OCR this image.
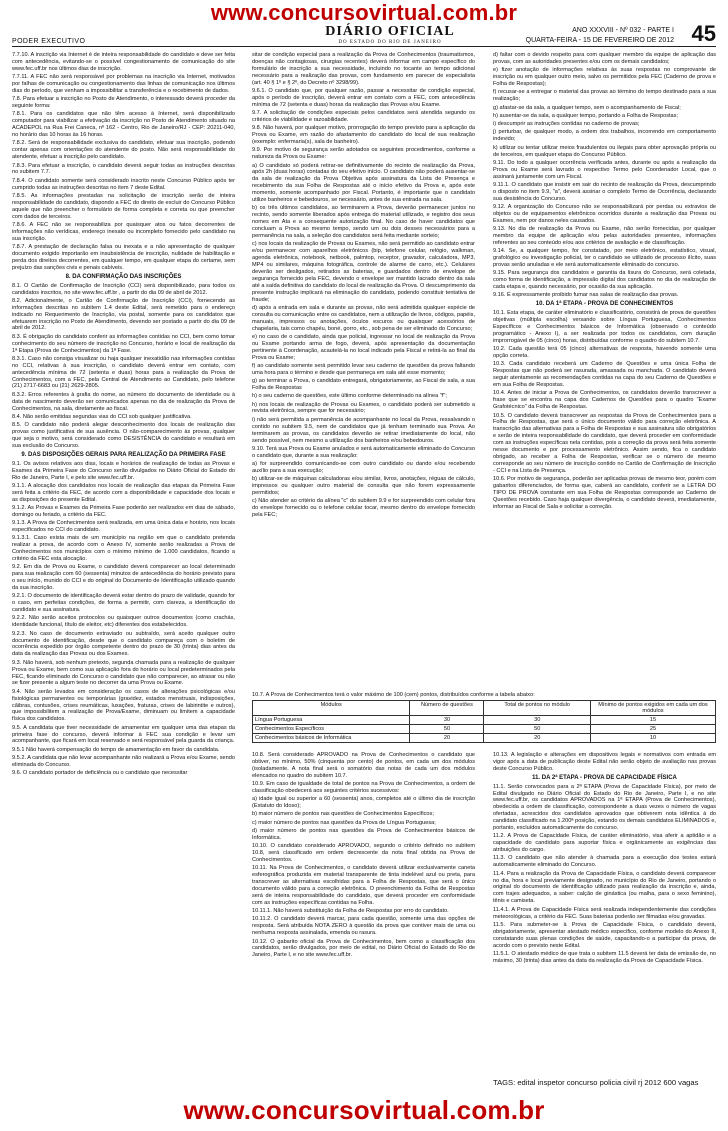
www.concursovirtual.com.br
PODER EXECUTIVO
DIÁRIO OFICIAL
DO ESTADO DO RIO DE JANEIRO
ANO XXXVIII - Nº 032 - PARTE I
QUARTA-FEIRA - 15 DE FEVEREIRO DE 2012 45

7.7.10. A inscrição via Internet é de inteira responsabilidade do candidato e deve ser feita com antecedência, evitando-se o possível congestionamento de comunicação do site www.fec.uff.br nos últimos dias de inscrição.

7.7.11. A FEC não será responsável por problemas na inscrição via Internet, motivados por falhas de comunicação ou congestionamento das linhas de comunicação nos últimos dias do período, que venham a impossibilitar a transferência e o recebimento de dados.

7.8. Para efetuar a inscrição no Posto de Atendimento, o interessado deverá proceder da seguinte forma:

7.8.1. Para os candidatos que não têm acesso à Internet, será disponibilizado computador para viabilizar a efetivação da inscrição no Posto de Atendimento situado na ACADEPOL na Rua Frei Caneca, nº 162 - Centro, Rio de Janeiro/RJ - CEP: 20211-040, no horário das 10 horas às 16 horas.

7.8.2. Será de responsabilidade exclusiva do candidato, efetuar sua inscrição, podendo contar apenas com orientações do atendente do posto. Não será responsabilidade do atendente, efetuar a inscrição pelo candidato.

7.8.3. Para efetuar a inscrição, o candidato deverá seguir todas as instruções descritas no subitem 7.7.

7.8.4. O candidato somente será considerado inscrito neste Concurso Público após ter cumprido todas as instruções descritas no item 7 deste Edital.

7.8.5. As informações prestadas na solicitação de inscrição serão de inteira responsabilidade do candidato, dispondo a FEC do direito de excluir do Concurso Público aquele que não preencher o formulário de forma completa e correta ou que preencher com dados de terceiros.

7.8.6. A FEC não se responsabiliza por quaisquer atos ou fatos decorrentes de informações não verídicas, endereço inexato ou incompleto fornecido pelo candidato na sua inscrição.

7.8.7. A prestação de declaração falsa ou inexata e a não apresentação de qualquer documento exigido importarão em insubsistência de inscrição, nulidade de habilitação e perda dos direitos decorrentes, em qualquer tempo, em qualquer etapa do certame, sem prejuízo das sanções civis e penais cabíveis.

8. DA CONFIRMAÇÃO DAS INSCRIÇÕES

8.1. O Cartão de Confirmação de Inscrição (CCI) será disponibilizado, para todos os candidatos inscritos, no site www.fec.uff.br , a partir do dia 09 de abril de 2012.

8.2. Adicionalmente, o Cartão de Confirmação de Inscrição (CCI), fornecendo as informações descritas no subitem 1.4 deste Edital, será remetido para o endereço indicado no Requerimento de Inscrição, via postal, somente para os candidatos que efetuarem inscrição no Posto de Atendimento, devendo ser postado a partir do dia 09 de abril de 2012.

8.3. É obrigação do candidato conferir as informações contidas no CCI, bem como tomar conhecimento do seu número de inscrição no Concurso, horário e local de realização da 1ª Etapa (Prova de Conhecimentos) da 1ª Fase.

8.3.1. Caso não consiga visualizar ou haja qualquer inexatidão nas informações contidas no CCI, relativas à sua inscrição, o candidato deverá entrar em contato, com antecedência mínima de 72 (setenta e duas) horas para a realização da Prova de Conhecimentos, com a FEC, pela Central de Atendimento ao Candidato, pelo telefone (21) 2717-6683 ou (21) 2629-2805.

8.3.2. Erros referentes à grafia do nome, ao número do documento de identidade ou à data de nascimento deverão ser comunicados apenas no dia de realização da Prova de Conhecimentos, na sala, diretamente ao fiscal.

8.4. Não serão emitidas segundas vias do CCI sob qualquer justificativa.

8.5. O candidato não poderá alegar desconhecimento dos locais de realização das provas como justificativa de sua ausência. O não-comparecimento às provas, qualquer que seja o motivo, será considerado como DESISTÊNCIA do candidato e resultará em sua exclusão do Concurso.

9. DAS DISPOSIÇÕES GERAIS PARA REALIZAÇÃO DA PRIMEIRA FASE

9.1. Os avisos relativos aos dias, locais e horários de realização de todas as Provas e Exames da Primeira Fase do Concurso serão divulgados no Diário Oficial do Estado do Rio de Janeiro, Parte I, e pelo site www.fec.uff.br.

9.1.1. A alocação dos candidatos nos locais de realização das etapas da Primeira Fase será feita a critério da FEC, de acordo com a disponibilidade e capacidade dos locais e as disposições do presente Edital.

9.1.2. As Provas e Exames da Primeira Fase poderão ser realizados em dias de sábado, domingo ou feriado, a critério da FEC.

9.1.3. A Prova de Conhecimentos será realizada, em uma única data e horário, nos locais especificados no CCI do candidato.

9.1.3.1. Caso exista mais de um município na região em que o candidato pretenda realizar a prova, de acordo com o Anexo IV, somente serão realizadas a Prova de Conhecimentos nos municípios com o mínimo mínimo de 1.000 candidatos, ficando a critério da FEC esta alocação.

9.2. Em dia de Prova ou Exame, o candidato deverá comparecer ao local determinado para sua realização com 60 (sessenta) minutos de antecedência do horário previsto para o seu início, munido do CCI e do original do Documento de Identificação utilizado quando da sua inscrição.

9.2.1. O documento de identificação deverá estar dentro do prazo de validade, quando for o caso, em perfeitas condições, de forma a permitir, com clareza, a identificação do candidato e sua assinatura.

9.2.2. Não serão aceitos protocolos ou quaisquer outros documentos (como crachás, identidade funcional, título de eleitor, etc) diferentes dos estabelecidos.

9.2.3. No caso de documento extraviado ou subtraído, será aceito qualquer outro documento de identificação, desde que o candidato compareça com o boletim de ocorrência expedido por órgão competente dentro do prazo de 30 (trinta) dias antes da data da realização das Provas ou dos Exames.

9.3. Não haverá, sob nenhum pretexto, segunda chamada para a realização de qualquer Prova ou Exame, bem como sua aplicação fora do horário ou local predeterminados pela FEC, ficando eliminado do Concurso o candidato que não comparecer, ao atrasar ou não se fizer presente a algum teste no decorrer da uma Prova ou Exame.

9.4. Não serão levados em consideração os casos de alterações psicológicas e/ou fisiológicas permanentes ou temporárias (gravidez, estados menstruais, indisposições, cãibras, contusões, crises reumáticas, luxações, fraturas, crises de labirintite e outros), que impossibilitem a realização de Prova/Exame, diminuam ou limitem a capacidade física dos candidatos.

9.5. A candidata que tiver necessidade de amamentar em qualquer uma das etapas da primeira fase do concurso, deverá informar à FEC sua condição e levar um acompanhante, que ficará em local reservado e será responsável pela guarda da criança.

9.5.1 Não haverá compensação do tempo de amamentação em favor da candidata.

9.5.2. A candidata que não levar acompanhante não realizará a Prova e/ou Exame, sendo eliminada do Concurso.

9.6. O candidato portador de deficiência ou o candidato que necessitar

sitar de condição especial para a realização da Prova de Conhecimentos (traumatismos, doenças não contagiosas, cirurgias recentes) deverá informar em campo específico do formulário de inscrição a sua necessidade, incluindo no tocante ao tempo adicional necessário para a realização das provas, com fundamento em parecer de especialista (art. 40 § 1º e § 2º, do Decreto nº 3298/99).

9.6.1. O candidato que, por qualquer razão, passar a necessitar de condição especial, após o período de inscrição, deverá entrar em contato com a FEC, com antecedência mínima de 72 (setenta e duas) horas da realização das Provas e/ou Exame.

9.7. A solicitação de condições especiais pelos candidatos será atendida segundo os critérios de viabilidade e razoabilidade.

9.8. Não haverá, por qualquer motivo, prorrogação do tempo previsto para a aplicação da Prova ou Exame, em razão do afastamento do candidato do local de sua realização (exemplo: enfermaria(s), sala de banheiro).

9.9. Por motivo de segurança serão adotados os seguintes procedimentos, conforme a natureza da Prova ou Exame:

a) O candidato só poderá retirar-se definitivamente do recinto de realização da Prova, após 2h (duas horas) contadas do seu efetivo início. O candidato não poderá ausentar-se da sala de realização da Prova Objetiva após assinatura da Lista de Presença e recebimento da sua Folha de Respostas até o início efetivo da Prova e, após este momento, somente acompanhado por Fiscal. Portanto, é importante que o candidato utilize banheiros e bebedouros, se necessário, antes de sua entrada na sala.

b) os três últimos candidatos, ao terminarem a Prova, deverão permanecer juntos no recinto, sendo somente liberados após entrega do material utilizado, e registro dos seus nomes em Ata e a consequente autorização final. No caso de haver candidatos que concluam a Prova ao mesmo tempo, sendo um ou dois desses necessários para a permanência na sala, a seleção dos candidatos será feita mediante sorteio;

c) nos locais da realização de Provas ou Exames, não será permitido ao candidato entrar e/ou permanecer com aparelhos eletrônicos (bip, telefone celular, relógio, walkman, agenda eletrônica, notebook, netbook, palmtop, receptor, gravador, calculadora, MP3, MP4 ou similares, máquina fotográfica, controle de alarme de carro, etc.). Celulares deverão ser desligados, retirados as baterias, e guardados dentro de envelope de segurança fornecido pela FEC, devendo o envelope ser mantido lacrado dentro da sala até a saída definitiva do candidato do local de realização da Prova. O descumprimento da presente instrução implicará na eliminação do candidato, podendo constituir tentativa de fraude;

d) após a entrada em sala e durante as provas, não será admitida qualquer espécie de consulta ou comunicação entre os candidatos, nem a utilização de livros, códigos, papéis, manuais, impressos ou anotações, óculos escuros ou quaisquer acessórios de chapelaria, tais como chapéu, boné, gorro, etc., sob pena de ser eliminado do Concurso;

e) no caso de o candidato, ainda que policial, ingressar no local de realização da Prova ou Exame portando arma de fogo, deverá, após apresentação da documentação pertinente à Coordenação, acautelá-la no local indicado pela Fiscal e retirá-la ao final da Prova ou Exame;

f) ao candidato somente será permitido levar seu caderno de questões da prova faltando uma hora para o término e desde que permaneça em sala até esse momento;

g) ao terminar a Prova, o candidato entregará, obrigatoriamente, ao Fiscal de sala, a sua Folha de Respostas

h) o seu caderno de questões, este último conforme determinado na alínea "f";

h) nos locais de realização de Provas ou Exames, o candidato poderá ser submetido a revista eletrônica, sempre que for necessário;

i) não será permitida a permanência de acompanhante no local da Prova, ressalvando o contido no subitem 9.5, nem de candidatos que já tenham terminado sua Prova. Ao terminarem as provas, os candidatos deverão se retirar imediatamente do local, não sendo possível, nem mesmo a utilização dos banheiros e/ou bebedouros.

9.10. Terá sua Prova ou Exame anulados e será automaticamente eliminado do Concurso o candidato que, durante a sua realização:

a) for surpreendido comunicando-se com outro candidato ou dando e/ou recebendo auxílio para a sua execução;

b) utilizar-se de máquinas calculadoras e/ou similar, livros, anotações, réguas de cálculo, impressos ou qualquer outro material de consulta que não forem expressamente permitidos;

c) Não atender ao critério da alínea "c" do subitem 9.9 e for surpreendido com celular fora do envelope fornecido ou o telefone celular tocar, mesmo dentro do envelope fornecido pela FEC;

d) faltar com o devido respeito para com qualquer membro da equipe de aplicação das provas, com as autoridades presentes e/ou com os demais candidatos;

e) fizer anotação de informações relativas às suas respostas no comprovante de inscrição ou em qualquer outro meio, salvo os permitidos pela FEC (Caderno de prova e Folha de Respostas);

f) recusar-se a entregar o material das provas ao término do tempo destinado para a sua realização;

g) afastar-se da sala, a qualquer tempo, sem o acompanhamento de Fiscal;

h) ausentar-se da sala, a qualquer tempo, portando a Folha de Respostas;

i) descumprir as instruções contidas no caderno de provas;

j) perturbar, de qualquer modo, a ordem dos trabalhos, incorrendo em comportamento indevido;

k) utilizar ou tentar utilizar meios fraudulentos ou ilegais para obter aprovação própria ou de terceiros, em qualquer etapa do Concurso Público.

9.11. Do todo a qualquer ocorrência verificada antes, durante ou após a realização da Prova ou Exame será lavrado o respectivo Termo pelo Coordenador Local, que o assinará juntamente com um Fiscal.

9.11.1. O candidato que insistir em sair do recinto de realização da Prova, descumprindo o disposto no item 9.9, "a", deverá assinar o completo Termo de Ocorrência, declarando sua desistência do Concurso.

9.12. A organização do Concurso não se responsabilizará por perdas ou extravios de objetos ou de equipamentos eletrônicos ocorridos durante a realização das Provas ou Exames, nem por danos neles causados.

9.13. No dia de realização da Prova ou Exame, não serão fornecidas, por qualquer membro da equipe de aplicação e/ou pelas autoridades presentes, informações referentes ao seu conteúdo e/ou aos critérios de avaliação e de classificação.

9.14. Se, a qualquer tempo, for constatado, por meio eletrônico, estatístico, visual, grafológico ou investigação policial, ter o candidato se utilizado de processo ilícito, suas provas serão anuladas e ele será automaticamente eliminado do concurso.

9.15. Para segurança dos candidatos e garantia da lisura do Concurso, será coletada, como forma de identificação, a impressão digital dos candidatos no dia de realização de cada etapa e, quando necessário, por ocasião da sua aplicação.

9.16. É expressamente proibido fumar nas salas de realização das provas.

10. DA 1ª ETAPA - PROVA DE CONHECIMENTOS

10.1. Esta etapa, de caráter eliminatório e classificatório, consistirá de prova de questões objetivas (múltipla escolha) versando sobre Língua Portuguesa, Conhecimentos Específicos e Conhecimentos básicos de Informática (observado o conteúdo programático - Anexo I), a ser realizada por todos os candidatos, com duração improrrogável de 05 (cinco) horas, distribuídas conforme o quadro do subitem 10.7.

10.2. Cada questão terá 05 (cinco) alternativas de resposta, havendo somente uma opção correta.

10.3. Cada candidato receberá um Caderno de Questões e uma única Folha de Respostas que não poderá ser rasurada, amassada ou manchada. O candidato deverá seguir atentamente as recomendações contidas na capa do seu Caderno de Questões e em sua Folha de Respostas.

10.4. Antes de iniciar a Prova de Conhecimentos, os candidatos deverão transcrever a frase que se encontra na capa dos Cadernos de Questões para o quadro "Exame Grafotécnico" da Folha de Respostas.

10.5. O candidato deverá transcrever as respostas da Prova de Conhecimentos para a Folha de Respostas, que será o único documento válido para correção eletrônica. A transcrição das alternativas para a Folha de Respostas e sua assinatura são obrigatórios e serão de inteira responsabilidade do candidato, que deverá proceder em conformidade com as instruções específicas nela contidas, pois a correção da prova será feita somente nesse documento e por processamento eletrônico. Assim sendo, fica o candidato obrigado, ao receber a Folha de Respostas, verificar se o número de mesmo corresponde ao seu número de inscrição contido no Cartão de Confirmação de Inscrição - CCI e na Lista de Presença.

10.6. Por motivo de segurança, poderão ser aplicadas provas de mesmo teor, porém com gabaritos diferenciados, de forma que, caberá ao candidato, conferir se a LETRA DO TIPO DE PROVA constante em sua Folha de Respostas corresponde ao Caderno de Questões recebido. Caso haja qualquer divergência, o candidato deverá, imediatamente, informar ao Fiscal de Sala e solicitar a correção.

10.7. A Prova de Conhecimentos terá o valor máximo de 100 (cem) pontos, distribuídos conforme a tabela abaixo:
Módulos	Número de questões	Total de pontos no módulo	Mínimo de pontos exigidos em cada um dos módulos
Língua Portuguesa	30	30	15
Conhecimentos Específicos	50	50	25
Conhecimentos básicos de Informática	20	20	10

10.8. Será considerado APROVADO na Prova de Conhecimentos o candidato que obtiver, no mínimo, 50% (cinquenta por cento) de pontos, em cada um dos módulos (isoladamente. A nota final será o somatório das notas de cada um dos módulos elencados no quadro do subitem 10.7.

10.9. Em caso de igualdade de total de pontos na Prova de Conhecimentos, a ordem de classificação obedecerá aos seguintes critérios sucessivos:

a) idade igual ou superior a 60 (sessenta) anos, completos até o último dia de inscrição (Estatuto do Idoso);

b) maior número de pontos nas questões de Conhecimentos Específicos;

c) maior número de pontos nas questões da Prova de Língua Portuguesa;

d) maior número de pontos nas questões da Prova de Conhecimentos básicos de Informática.

10.10. O candidato considerado APROVADO, segundo o critério definido no subitem 10.8, será classificado em ordem decrescente da nota final obtida na Prova de Conhecimentos.

10.11. Na Prova de Conhecimentos, o candidato deverá utilizar exclusivamente caneta esferográfica produzida em material transparente de tinta indelével azul ou preta, para transcrever as alternativas escolhidas para a Folha de Respostas, que será o único documento válido para a correção eletrônica. O preenchimento da Folha de Respostas será de inteira responsabilidade do candidato, que deverá proceder em conformidade com as instruções específicas contidas na Folha.

10.11.1. Não haverá substituição da Folha de Respostas por erro do candidato.

10.11.2. O candidato deverá marcar, para cada questão, somente uma das opções de resposta. Será atribuída NOTA ZERO à questão da prova que contiver mais de uma ou nenhuma resposta assinalada, emenda ou rasura.

10.12. O gabarito oficial da Prova de Conhecimentos, bem como a classificação dos candidatos, serão divulgados, por meio de edital, no Diário Oficial do Estado do Rio de Janeiro, Parte I, e no site www.fec.uff.br.

10.13. A legislação e alterações em dispositivos legais e normativos com entrada em vigor após a data de publicação deste Edital não serão objeto de avaliação nas provas deste Concurso Público.

11. DA 2ª ETAPA - PROVA DE CAPACIDADE FÍSICA

11.1. Serão convocados para a 2ª ETAPA (Prova de Capacidade Física), por meio de Edital divulgado no Diário Oficial do Estado do Rio de Janeiro, Parte I, e no site www.fec.uff.br, os candidatos APROVADOS na 1ª ETAPA (Prova de Conhecimentos), obedecida a ordem de classificação, correspondente a duas vezes o número de vagas ofertadas, acrescidos dos candidatos aprovados que obtiverem nota idêntica à do candidato classificado na 1.200ª posição, estando os demais candidatos ELIMINADOS e, portanto, excluídos automaticamente do concurso.

11.2. A Prova de Capacidade Física, de caráter eliminatório, visa aferir a aptidão e a capacidade do candidato para suportar física e orgânicamente as exigências das atribuições do cargo.

11.3. O candidato que não atender à chamada para a execução dos testes estará automaticamente eliminado do Concurso.

11.4. Para a realização da Prova de Capacidade Física, o candidato deverá comparecer no dia, hora e local previamente designado, no município do Rio de Janeiro, portando o original do documento de identificação utilizado para realização da inscrição e, ainda, com trajes adequados, a saber: calção de ginástica (ou malha, para o sexo feminino), tênis e camiseta.

11.4.1. A Prova de Capacidade Física será realizada independentemente das condições meteorológicas, a critério da FEC. Suas baterias poderão ser filmadas e/ou gravadas.

11.5. Para submeter-se à Prova de Capacidade Física, o candidato deverá, obrigatoriamente, apresentar atestado médico específico, conforme modelo do Anexo II, constatando suas plenas condições de saúde, capacitando-o a participar da prova, de acordo com o previsto neste Edital.

11.5.1. O atestado médico de que trata o subitem 11.5 deverá ter data de emissão de, no máximo, 30 (trinta) dias antes da data da realização da Prova de Capacidade Física.

TAGS: edital inspetor concurso policia civil rj 2012 600 vagas
www.concursovirtual.com.br
